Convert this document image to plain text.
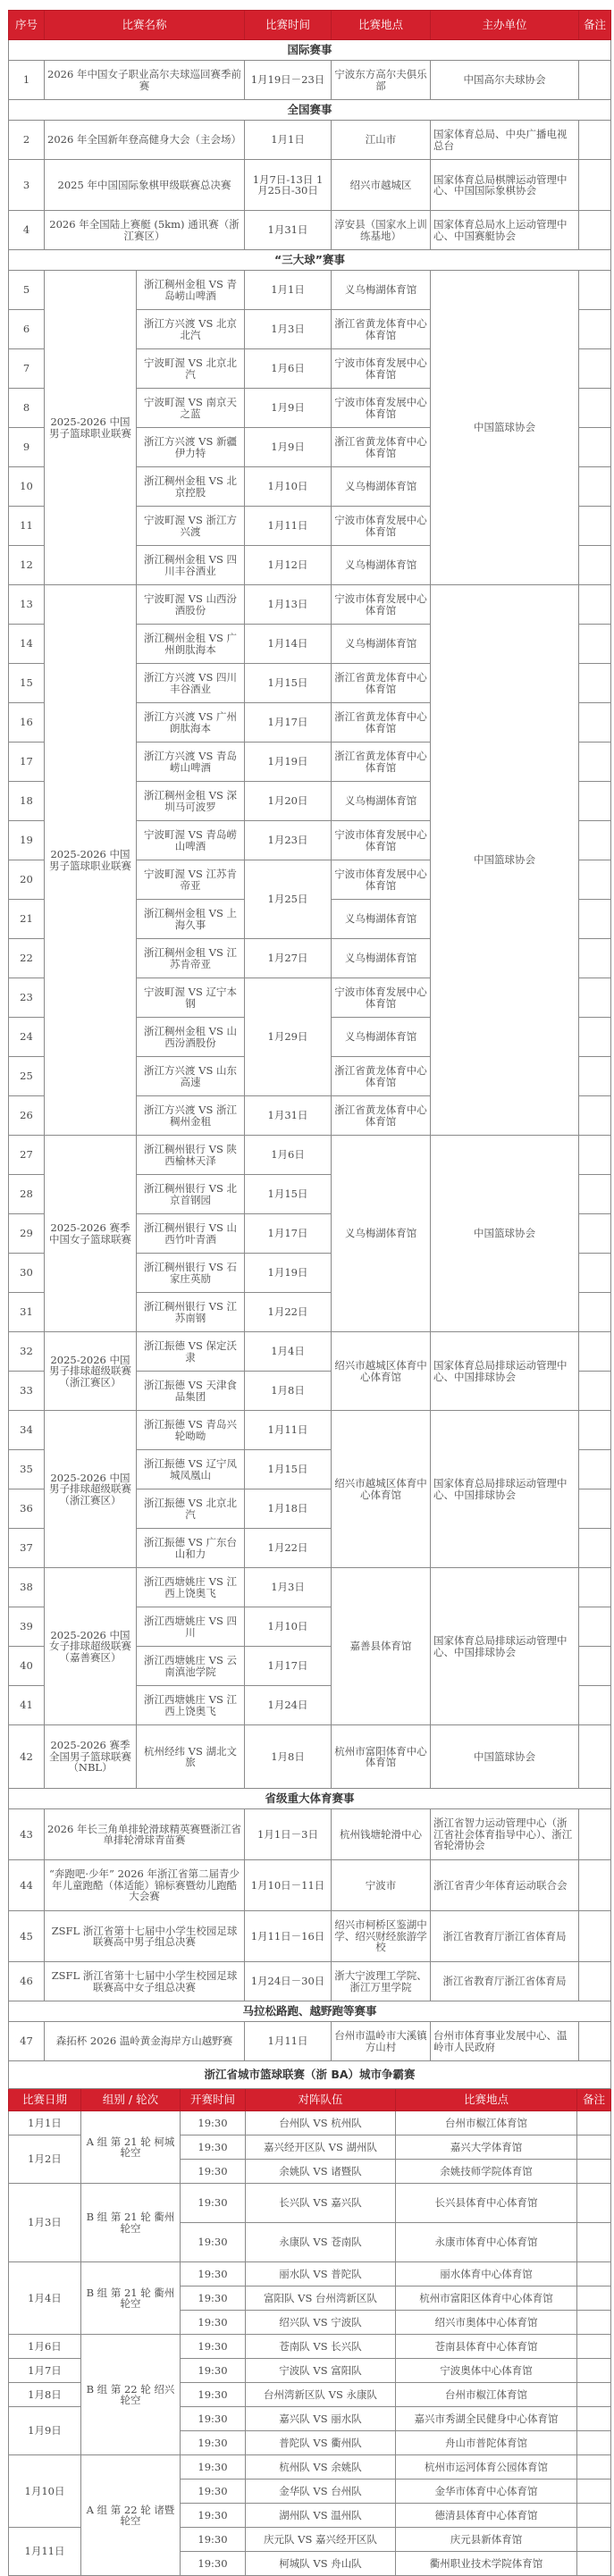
序号	比赛名称		比赛时间	比赛地点	主办单位	备注
国际赛事						
1	2026 年中国女子职业高尔夫球巡回赛季前赛		1月19日－23日	宁波东方高尔夫俱乐部	中国高尔夫球协会	
全国赛事						
2	2026 年全国新年登高健身大会（主会场）		1月1日	江山市	国家体育总局、中央广播电视总台	
3	2025 年中国国际象棋甲级联赛总决赛		1月7日-13日 1月25日-30日	绍兴市越城区	国家体育总局棋牌运动管理中心、中国国际象棋协会	
4	2026 年全国陆上赛艇 (5km) 通讯赛（浙江赛区）		1月31日	淳安县（国家水上训练基地）	国家体育总局水上运动管理中心、中国赛艇协会	
“三大球”赛事						
5	2025-2026 中国男子篮球职业联赛	浙江稠州金租 VS 青岛崂山啤酒	1月1日	义乌梅湖体育馆	中国篮球协会	
6		浙江方兴渡 VS 北京北汽	1月3日	浙江省黄龙体育中心体育馆		
7		宁波町渥 VS 北京北汽	1月6日	宁波市体育发展中心体育馆		
8		宁波町渥 VS 南京天之蓝	1月9日	宁波市体育发展中心体育馆		
9		浙江方兴渡 VS 新疆伊力特	1月9日	浙江省黄龙体育中心体育馆		
10		浙江稠州金租 VS 北京控股	1月10日	义乌梅湖体育馆		
11		宁波町渥 VS 浙江方兴渡	1月11日	宁波市体育发展中心体育馆		
12		浙江稠州金租 VS 四川丰谷酒业	1月12日	义乌梅湖体育馆		
13	2025-2026 中国男子篮球职业联赛	宁波町渥 VS 山西汾酒股份	1月13日	宁波市体育发展中心体育馆	中国篮球协会	
14		浙江稠州金租 VS 广州朗肽海本	1月14日	义乌梅湖体育馆		
15		浙江方兴渡 VS 四川丰谷酒业	1月15日	浙江省黄龙体育中心体育馆		
16		浙江方兴渡 VS 广州朗肽海本	1月17日	浙江省黄龙体育中心体育馆		
17		浙江方兴渡 VS 青岛崂山啤酒	1月19日	浙江省黄龙体育中心体育馆		
18		浙江稠州金租 VS 深圳马可波罗	1月20日	义乌梅湖体育馆		
19		宁波町渥 VS 青岛崂山啤酒	1月23日	宁波市体育发展中心体育馆		
20		宁波町渥 VS 江苏肯帝亚	1月25日	宁波市体育发展中心体育馆		
21		浙江稠州金租 VS 上海久事		义乌梅湖体育馆		
22		浙江稠州金租 VS 江苏肯帝亚	1月27日	义乌梅湖体育馆		
23		宁波町渥 VS 辽宁本钢	1月29日	宁波市体育发展中心体育馆		
24		浙江稠州金租 VS 山西汾酒股份		义乌梅湖体育馆		
25		浙江方兴渡 VS 山东高速		浙江省黄龙体育中心体育馆		
26		浙江方兴渡 VS 浙江稠州金租	1月31日	浙江省黄龙体育中心体育馆		
27	2025-2026 赛季中国女子篮球联赛	浙江稠州银行 VS 陕西榆林天泽	1月6日	义乌梅湖体育馆	中国篮球协会	
28		浙江稠州银行 VS 北京首钢园	1月15日			
29		浙江稠州银行 VS 山西竹叶青酒	1月17日			
30		浙江稠州银行 VS 石家庄英励	1月19日			
31		浙江稠州银行 VS 江苏南钢	1月22日			
32	2025-2026 中国男子排球超级联赛（浙江赛区）	浙江振德 VS 保定沃隶	1月4日	绍兴市越城区体育中心体育馆	国家体育总局排球运动管理中心、中国排球协会	
33		浙江振德 VS 天津食品集团	1月8日			
34	2025-2026 中国男子排球超级联赛（浙江赛区）	浙江振德 VS 青岛兴轮呦呦	1月11日	绍兴市越城区体育中心体育馆	国家体育总局排球运动管理中心、中国排球协会	
35		浙江振德 VS 辽宁凤城凤凰山	1月15日			
36		浙江振德 VS 北京北汽	1月18日			
37		浙江振德 VS 广东台山和力	1月22日			
38	2025-2026 中国女子排球超级联赛（嘉善赛区）	浙江西塘姚庄 VS 江西上饶奥飞	1月3日	嘉善县体育馆	国家体育总局排球运动管理中心、中国排球协会	
39		浙江西塘姚庄 VS 四川	1月10日			
40		浙江西塘姚庄 VS 云南滇池学院	1月17日			
41		浙江西塘姚庄 VS 江西上饶奥飞	1月24日			
42	2025-2026 赛季全国男子篮球联赛（NBL）	杭州经纬 VS 湖北文旅	1月8日	杭州市富阳体育中心体育馆	中国篮球协会	
省级重大体育赛事						
43	2026 年长三角单排轮滑球精英赛暨浙江省单排轮滑球青苗赛		1月1日－3日	杭州钱塘轮滑中心	浙江省智力运动管理中心（浙江省社会体育指导中心）、浙江省轮滑协会	
44	“奔跑吧·少年” 2026 年浙江省第二届青少年儿童跑酷（体适能）锦标赛暨幼儿跑酷大会赛		1月10日－11日	宁波市	浙江省青少年体育运动联合会	
45	ZSFL 浙江省第十七届中小学生校园足球联赛高中男子组总决赛		1月11日－16日	绍兴市柯桥区鉴湖中学、绍兴财经旅游学校	浙江省教育厅浙江省体育局	
46	ZSFL 浙江省第十七届中小学生校园足球联赛高中女子组总决赛		1月24日－30日	浙大宁波理工学院、浙江万里学院	浙江省教育厅浙江省体育局	
马拉松路跑、越野跑等赛事						
47	森拓杯 2026 温岭黄金海岸方山越野赛		1月11日	台州市温岭市大溪镇方山村	台州市体育事业发展中心、温岭市人民政府	
浙江省城市篮球联赛（浙 BA）城市争霸赛					
比赛日期	组别 / 轮次	开赛时间	对阵队伍	比赛地点	备注
1月1日	A 组 第 21 轮 柯城 轮空	19:30	台州队 VS 杭州队	台州市椒江体育馆	
1月2日		19:30	嘉兴经开区队 VS 湖州队	嘉兴大学体育馆	
		19:30	余姚队 VS 诸暨队	余姚技师学院体育馆	
1月3日	B 组 第 21 轮 衢州 轮空	19:30	长兴队 VS 嘉兴队	长兴县体育中心体育馆	
		19:30	永康队 VS 苍南队	永康市体育中心体育馆	
1月4日	B 组 第 21 轮 衢州 轮空	19:30	丽水队 VS 普陀队	丽水体育中心体育馆	
		19:30	富阳队 VS 台州湾新区队	杭州市富阳区体育中心体育馆	
		19:30	绍兴队 VS 宁波队	绍兴市奥体中心体育馆	
1月6日	B 组 第 22 轮 绍兴 轮空	19:30	苍南队 VS 长兴队	苍南县体育中心体育馆	
1月7日		19:30	宁波队 VS 富阳队	宁波奥体中心体育馆	
1月8日		19:30	台州湾新区队 VS 永康队	台州市椒江体育馆	
1月9日		19:30	嘉兴队 VS 丽水队	嘉兴市秀湖全民健身中心体育馆	
		19:30	普陀队 VS 衢州队	舟山市普陀体育馆	
1月10日	A 组 第 22 轮 诸暨 轮空	19:30	杭州队 VS 余姚队	杭州市运河体育公园体育馆	
		19:30	金华队 VS 台州队	金华市体育中心体育馆	
		19:30	湖州队 VS 温州队	德清县体育中心体育馆	
1月11日		19:30	庆元队 VS 嘉兴经开区队	庆元县新体育馆	
		19:30	柯城队 VS 舟山队	衢州职业技术学院体育馆	
